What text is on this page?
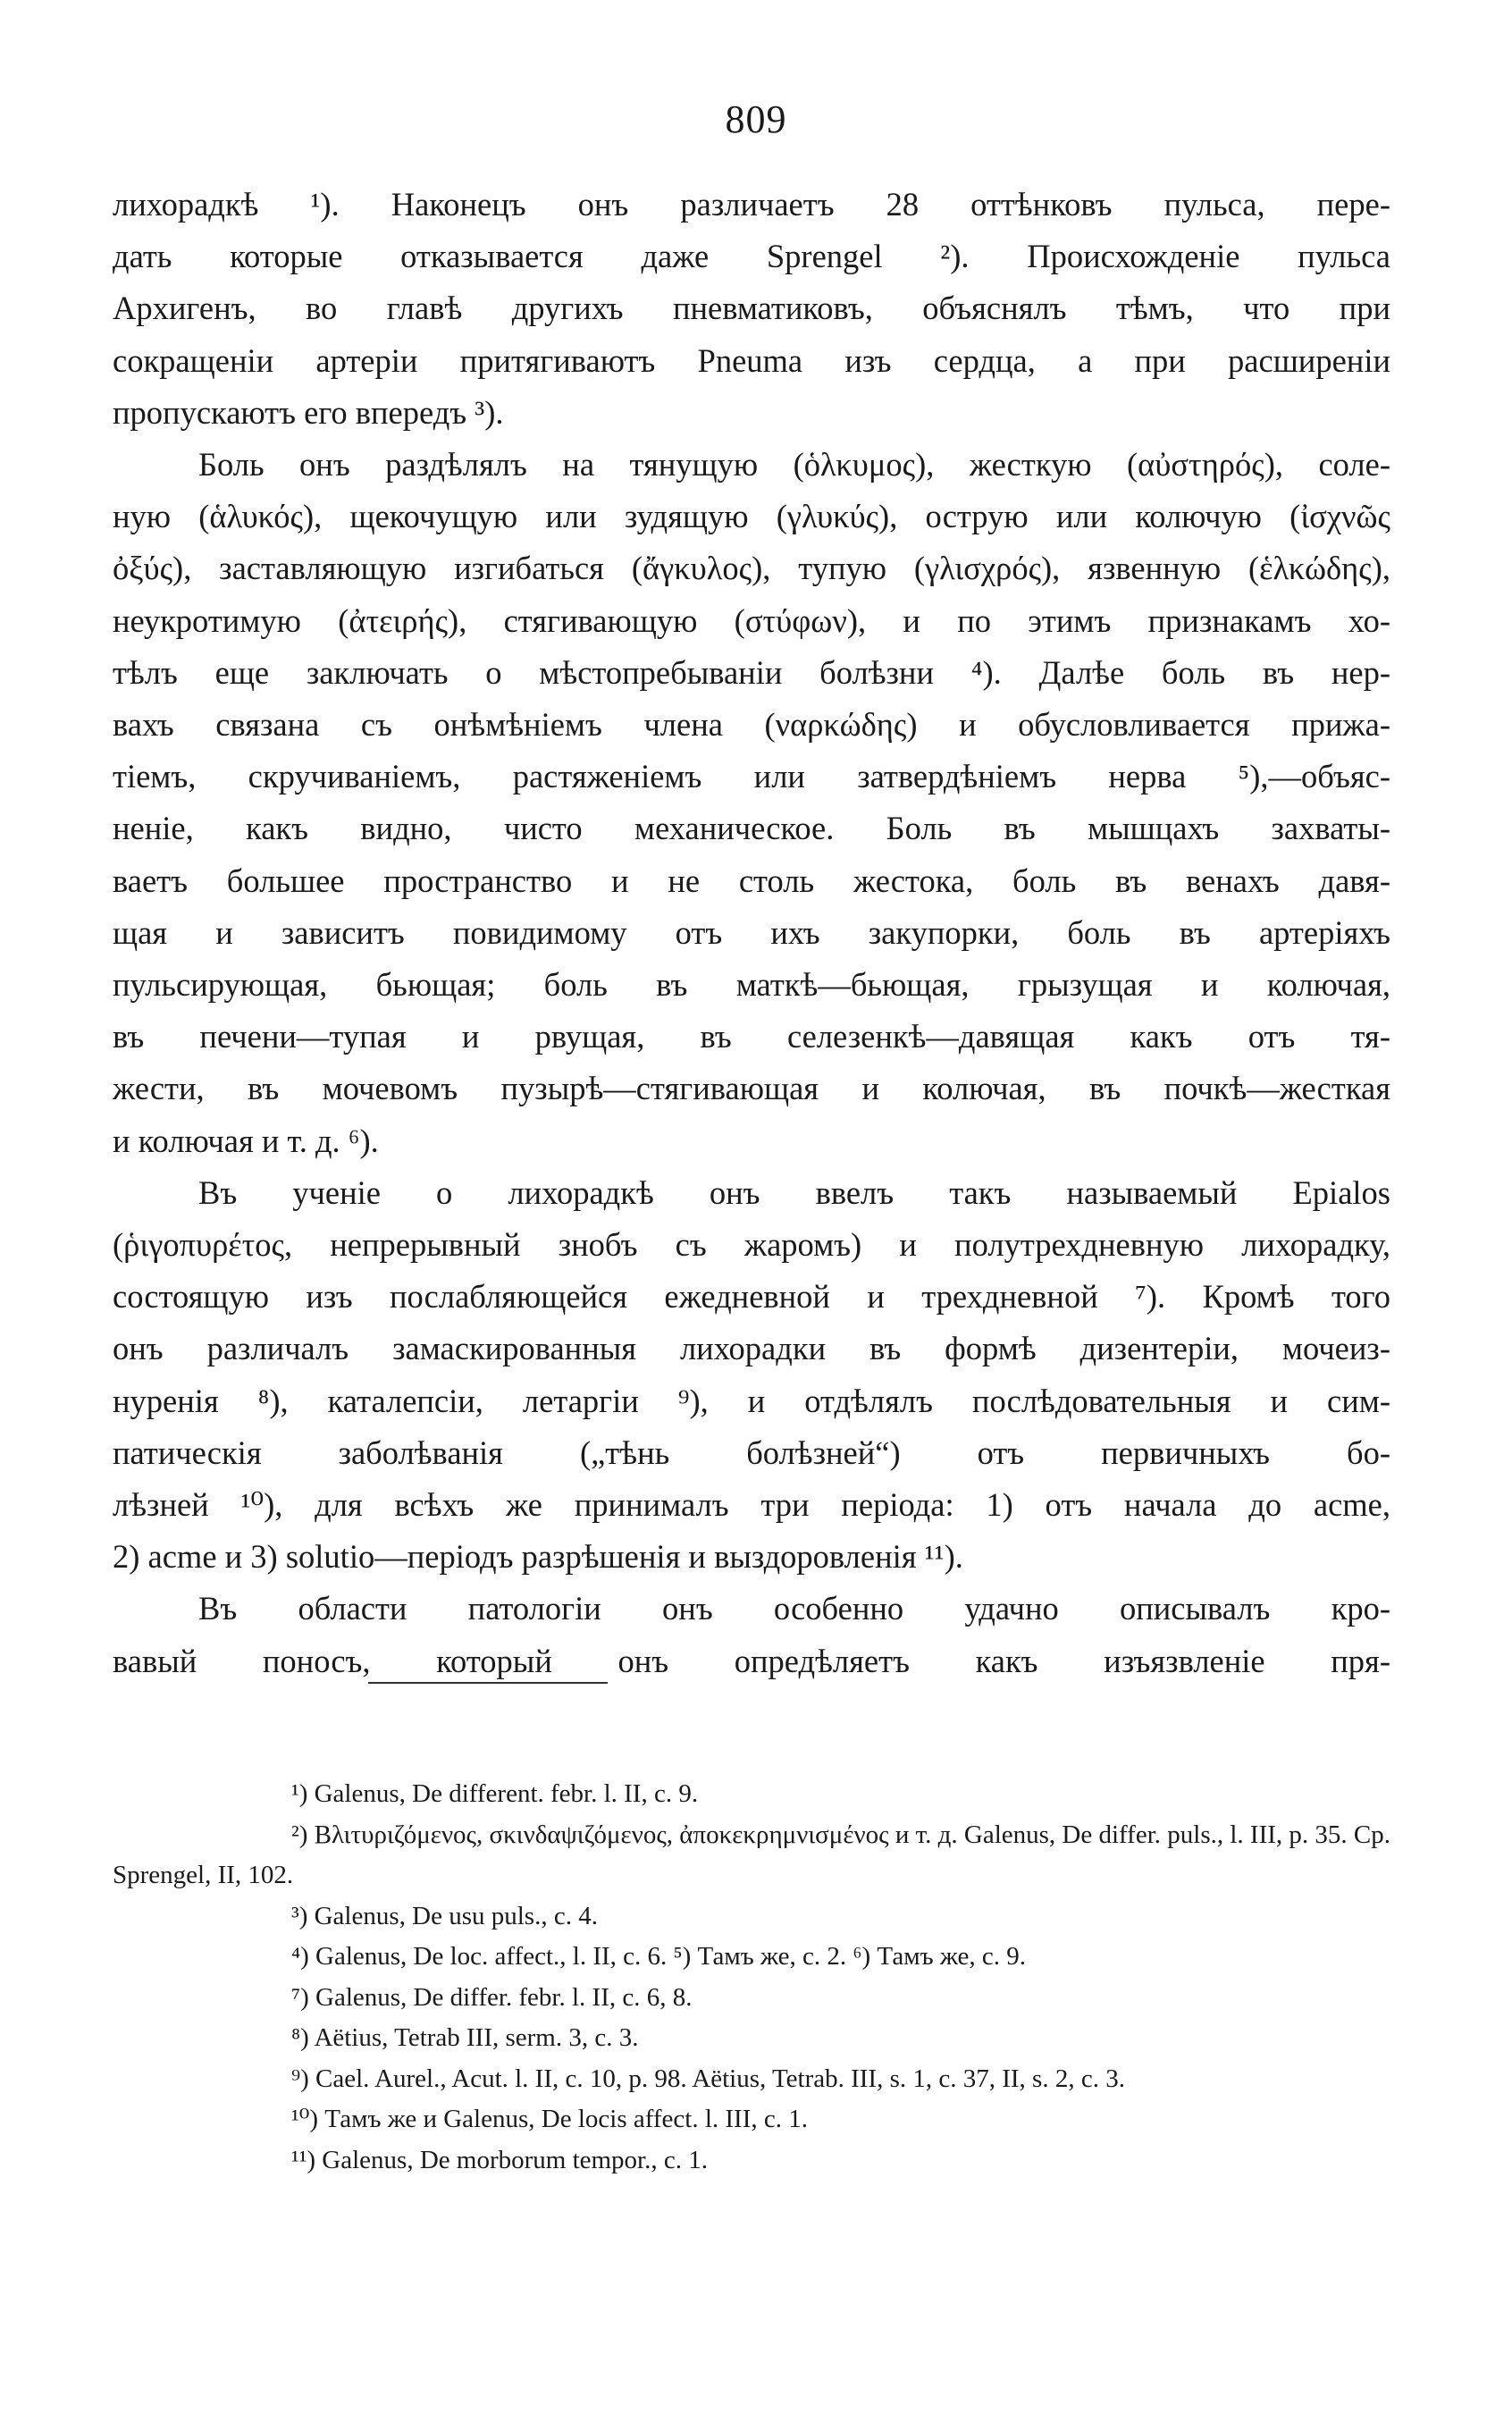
809

лихорадкѣ ¹). Наконецъ онъ различаетъ 28 оттѣнковъ пульса, пере-

дать которые отказывается даже Sprengel ²). Происхожденіе пульса

Архигенъ, во главѣ другихъ пневматиковъ, объяснялъ тѣмъ, что при

сокращеніи артеріи притягиваютъ Pneuma изъ сердца, а при расширеніи

пропускаютъ его впередъ ³).

Боль онъ раздѣлялъ на тянущую (ὁλκυμος), жесткую (αὐστηρός), соле-

ную (ἁλυκός), щекочущую или зудящую (γλυκύς), острую или колючую (ἰσχνῶς

ὀξύς), заставляющую изгибаться (ἄγκυλος), тупую (γλισχρός), язвенную (ἑλκώδης),

неукротимую (ἀτειρής), стягивающую (στύφων), и по этимъ признакамъ хо-

тѣлъ еще заключать о мѣстопребываніи болѣзни ⁴). Далѣе боль въ нер-

вахъ связана съ онѣмѣніемъ члена (ναρκώδης) и обусловливается прижа-

тіемъ, скручиваніемъ, растяженіемъ или затвердѣніемъ нерва ⁵),—объяс-

неніе, какъ видно, чисто механическое. Боль въ мышцахъ захваты-

ваетъ большее пространство и не столь жестока, боль въ венахъ давя-

щая и зависитъ повидимому отъ ихъ закупорки, боль въ артеріяхъ

пульсирующая, бьющая; боль въ маткѣ—бьющая, грызущая и колючая,

въ печени—тупая и рвущая, въ селезенкѣ—давящая какъ отъ тя-

жести, въ мочевомъ пузырѣ—стягивающая и колючая, въ почкѣ—жесткая

и колючая и т. д. ⁶).

Въ ученіе о лихорадкѣ онъ ввелъ такъ называемый Epialos

(ῥιγοπυρέτος, непрерывный знобъ съ жаромъ) и полутрехдневную лихорадку,

состоящую изъ послабляющейся ежедневной и трехдневной ⁷). Кромѣ того

онъ различалъ замаскированныя лихорадки въ формѣ дизентеріи, мочеиз-

нуренія ⁸), каталепсіи, летаргіи ⁹), и отдѣлялъ послѣдовательныя и сим-

патическія заболѣванія („тѣнь болѣзней“) отъ первичныхъ бо-

лѣзней ¹⁰), для всѣхъ же принималъ три періода: 1) отъ начала до acme,

2) acme и 3) solutio—періодъ разрѣшенія и выздоровленія ¹¹).

Въ области патологіи онъ особенно удачно описывалъ кро-

вавый поносъ, который онъ опредѣляетъ какъ изъязвленіе пря-

¹) Galenus, De different. febr. l. II, c. 9.

²) Βλιτυριζόμενος, σκινδαψιζόμενος, ἀποκεκρημνισμένος и т. д. Galenus, De differ. puls., l. III, p. 35. Cp. Sprengel, II, 102.

³) Galenus, De usu puls., c. 4.

⁴) Galenus, De loc. affect., l. II, c. 6. ⁵) Тамъ же, c. 2. ⁶) Тамъ же, c. 9.

⁷) Galenus, De differ. febr. l. II, c. 6, 8.

⁸) Aëtius, Tetrab III, serm. 3, c. 3.

⁹) Cael. Aurel., Acut. l. II, c. 10, p. 98. Aëtius, Tetrab. III, s. 1, c. 37, II, s. 2, c. 3.

¹⁰) Тамъ же и Galenus, De locis affect. l. III, c. 1.

¹¹) Galenus, De morborum tempor., c. 1.
